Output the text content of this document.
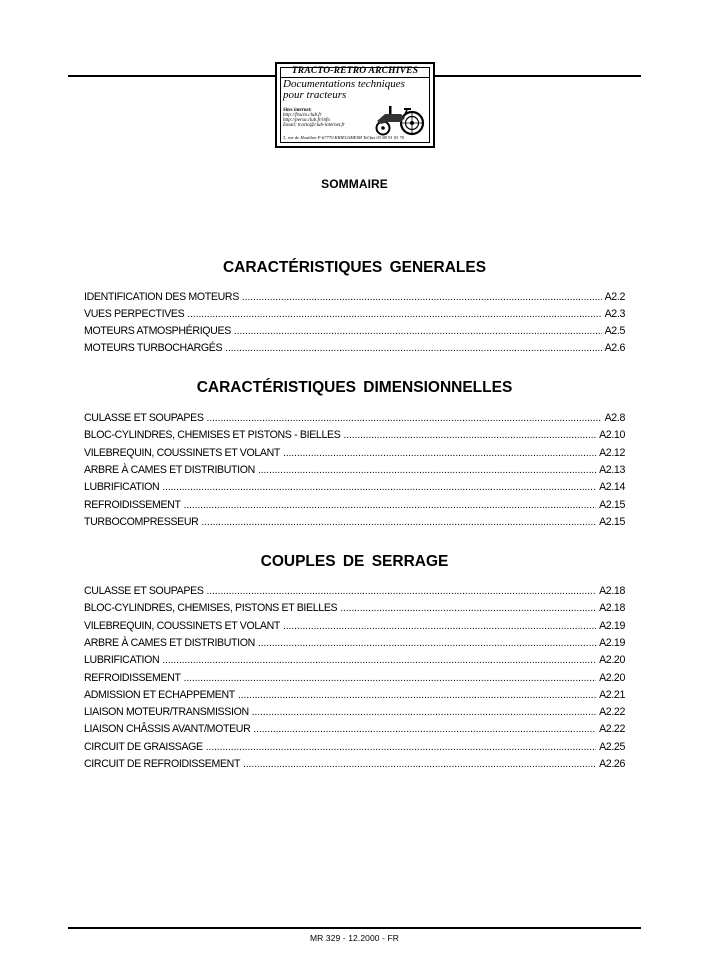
TRACTO-RETRO ARCHIVES
Documentations techniques
pour tracteurs
Sites internet:
http://fracto.club.fr
http://perso.club.fr/info
Email: tracto@club-internet.fr
3, rue de Houblon F-67770 KRIEGSHEIM Tel/fax 03 88 91 03 70
SOMMAIRE
CARACTÉRISTIQUES GENERALES
IDENTIFICATION DES MOTEURS .....	A2.2
VUES PERPECTIVES .....	A2.3
MOTEURS ATMOSPHÉRIQUES .....	A2.5
MOTEURS TURBOCHARGÉS .....	A2.6
CARACTÉRISTIQUES DIMENSIONNELLES
CULASSE ET SOUPAPES .....	A2.8
BLOC-CYLINDRES, CHEMISES ET PISTONS - BIELLES .....	A2.10
VILEBREQUIN, COUSSINETS ET VOLANT .....	A2.12
ARBRE À CAMES ET DISTRIBUTION .....	A2.13
LUBRIFICATION .....	A2.14
REFROIDISSEMENT .....	A2.15
TURBOCOMPRESSEUR .....	A2.15
COUPLES DE SERRAGE
CULASSE ET SOUPAPES .....	A2.18
BLOC-CYLINDRES, CHEMISES, PISTONS ET BIELLES .....	A2.18
VILEBREQUIN, COUSSINETS ET VOLANT .....	A2.19
ARBRE À CAMES ET DISTRIBUTION .....	A2.19
LUBRIFICATION .....	A2.20
REFROIDISSEMENT .....	A2.20
ADMISSION ET ECHAPPEMENT .....	A2.21
LIAISON MOTEUR/TRANSMISSION .....	A2.22
LIAISON CHÂSSIS AVANT/MOTEUR .....	A2.22
CIRCUIT DE GRAISSAGE .....	A2.25
CIRCUIT DE REFROIDISSEMENT .....	A2.26
MR 329 - 12.2000 - FR
